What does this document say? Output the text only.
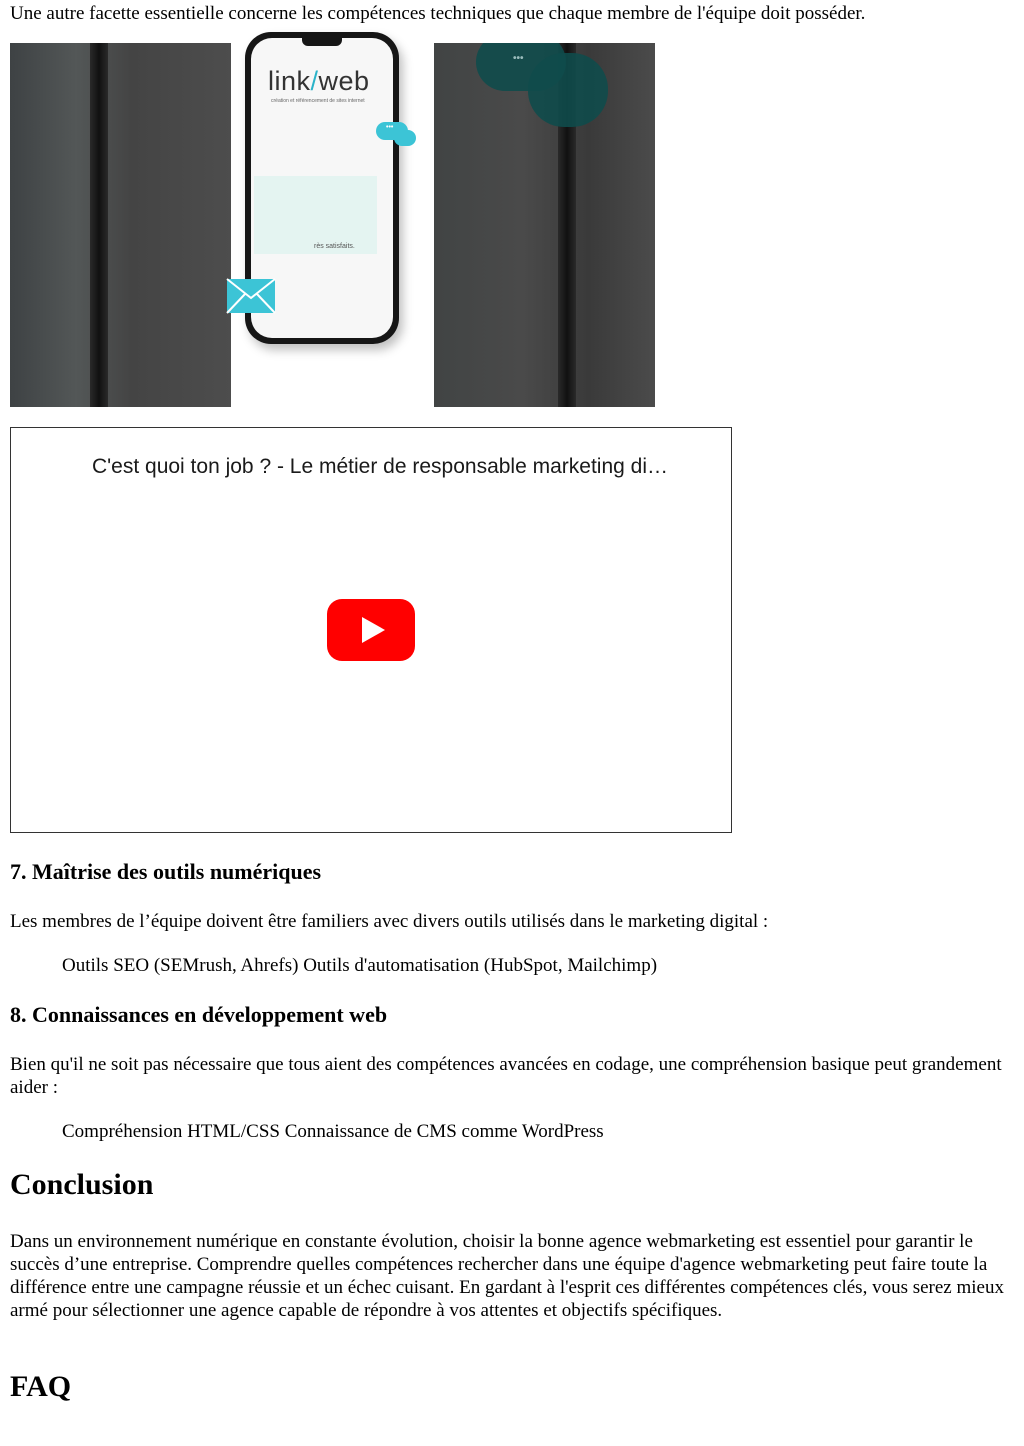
Une autre facette essentielle concerne les compétences techniques que chaque membre de l'équipe doit posséder.

•••
link/web
création et référencement de sites internet
rès satisfaits.
•••
C'est quoi ton job ? - Le métier de responsable marketing di…
7. Maîtrise des outils numériques

Les membres de l’équipe doivent être familiers avec divers outils utilisés dans le marketing digital :

Outils SEO (SEMrush, Ahrefs) Outils d'automatisation (HubSpot, Mailchimp)

8. Connaissances en développement web

Bien qu'il ne soit pas nécessaire que tous aient des compétences avancées en codage, une compréhension basique peut grandement aider :

Compréhension HTML/CSS Connaissance de CMS comme WordPress

Conclusion

Dans un environnement numérique en constante évolution, choisir la bonne agence webmarketing est essentiel pour garantir le succès d’une entreprise. Comprendre quelles compétences rechercher dans une équipe d'agence webmarketing peut faire toute la différence entre une campagne réussie et un échec cuisant. En gardant à l'esprit ces différentes compétences clés, vous serez mieux armé pour sélectionner une agence capable de répondre à vos attentes et objectifs spécifiques.

FAQ
